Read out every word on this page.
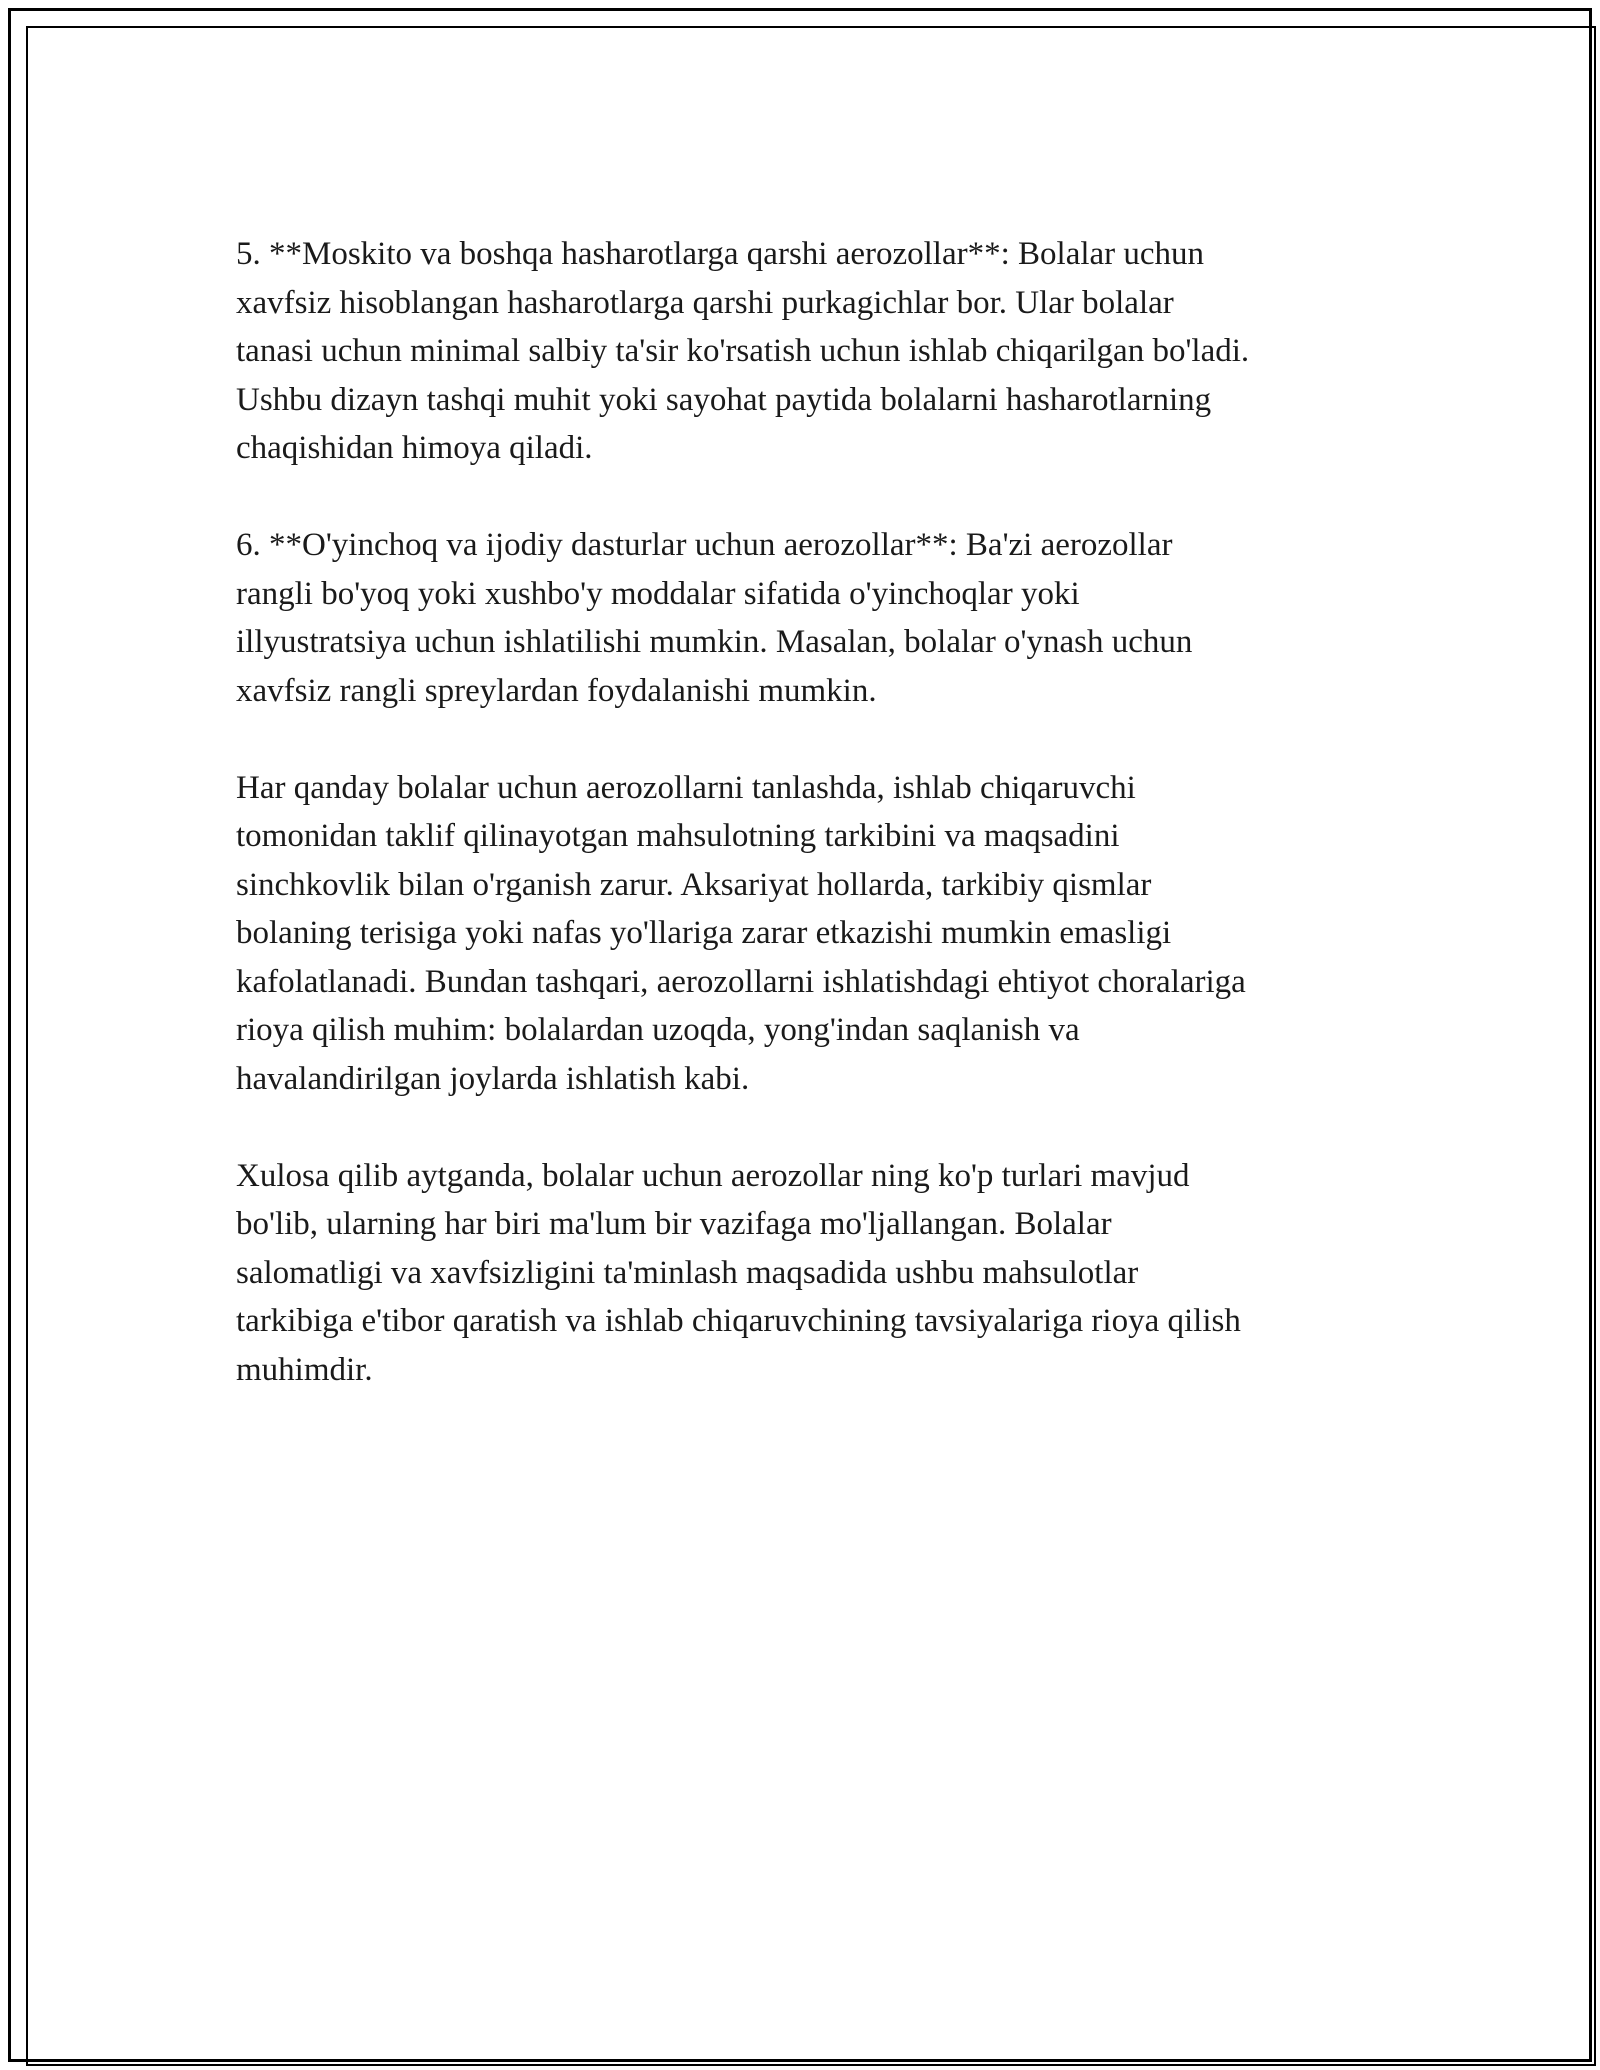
5. **Moskito va boshqa hasharotlarga qarshi aerozollar**: Bolalar uchun
xavfsiz hisoblangan hasharotlarga qarshi purkagichlar bor. Ular bolalar
tanasi uchun minimal salbiy ta'sir ko'rsatish uchun ishlab chiqarilgan bo'ladi.
Ushbu dizayn tashqi muhit yoki sayohat paytida bolalarni hasharotlarning
chaqishidan himoya qiladi.

6. **O'yinchoq va ijodiy dasturlar uchun aerozollar**: Ba'zi aerozollar
rangli bo'yoq yoki xushbo'y moddalar sifatida o'yinchoqlar yoki
illyustratsiya uchun ishlatilishi mumkin. Masalan, bolalar o'ynash uchun
xavfsiz rangli spreylardan foydalanishi mumkin.

Har qanday bolalar uchun aerozollarni tanlashda, ishlab chiqaruvchi
tomonidan taklif qilinayotgan mahsulotning tarkibini va maqsadini
sinchkovlik bilan o'rganish zarur. Aksariyat hollarda, tarkibiy qismlar
bolaning terisiga yoki nafas yo'llariga zarar etkazishi mumkin emasligi
kafolatlanadi. Bundan tashqari, aerozollarni ishlatishdagi ehtiyot choralariga
rioya qilish muhim: bolalardan uzoqda, yong'indan saqlanish va
havalandirilgan joylarda ishlatish kabi.

Xulosa qilib aytganda, bolalar uchun aerozollar ning ko'p turlari mavjud
bo'lib, ularning har biri ma'lum bir vazifaga mo'ljallangan. Bolalar
salomatligi va xavfsizligini ta'minlash maqsadida ushbu mahsulotlar
tarkibiga e'tibor qaratish va ishlab chiqaruvchining tavsiyalariga rioya qilish
muhimdir.
